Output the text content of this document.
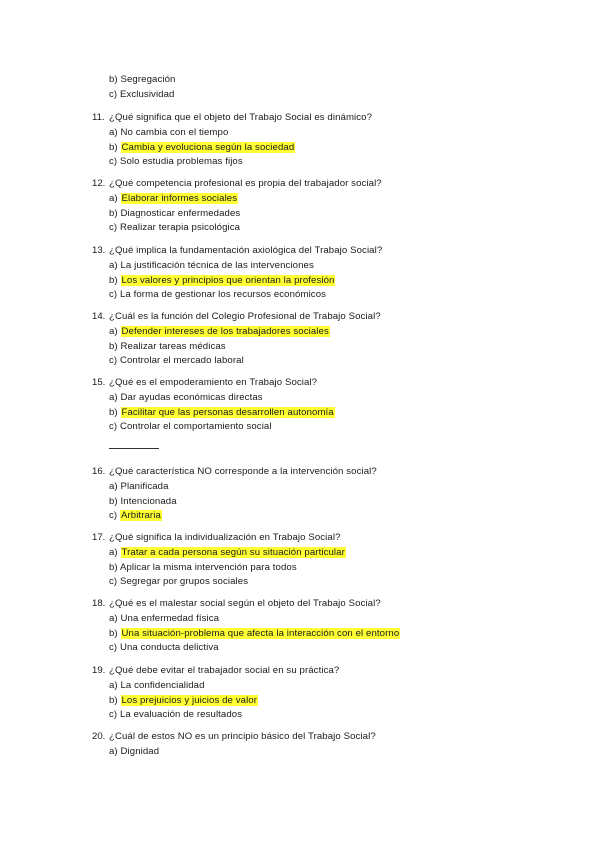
b) Segregación
c) Exclusividad
11. ¿Qué significa que el objeto del Trabajo Social es dinámico?
a) No cambia con el tiempo
b) Cambia y evoluciona según la sociedad
c) Solo estudia problemas fijos
12. ¿Qué competencia profesional es propia del trabajador social?
a) Elaborar informes sociales
b) Diagnosticar enfermedades
c) Realizar terapia psicológica
13. ¿Qué implica la fundamentación axiológica del Trabajo Social?
a) La justificación técnica de las intervenciones
b) Los valores y principios que orientan la profesión
c) La forma de gestionar los recursos económicos
14. ¿Cuál es la función del Colegio Profesional de Trabajo Social?
a) Defender intereses de los trabajadores sociales
b) Realizar tareas médicas
c) Controlar el mercado laboral
15. ¿Qué es el empoderamiento en Trabajo Social?
a) Dar ayudas económicas directas
b) Facilitar que las personas desarrollen autonomía
c) Controlar el comportamiento social
16. ¿Qué característica NO corresponde a la intervención social?
a) Planificada
b) Intencionada
c) Arbitraria
17. ¿Qué significa la individualización en Trabajo Social?
a) Tratar a cada persona según su situación particular
b) Aplicar la misma intervención para todos
c) Segregar por grupos sociales
18. ¿Qué es el malestar social según el objeto del Trabajo Social?
a) Una enfermedad física
b) Una situación-problema que afecta la interacción con el entorno
c) Una conducta delictiva
19. ¿Qué debe evitar el trabajador social en su práctica?
a) La confidencialidad
b) Los prejuicios y juicios de valor
c) La evaluación de resultados
20. ¿Cuál de estos NO es un principio básico del Trabajo Social?
a) Dignidad
